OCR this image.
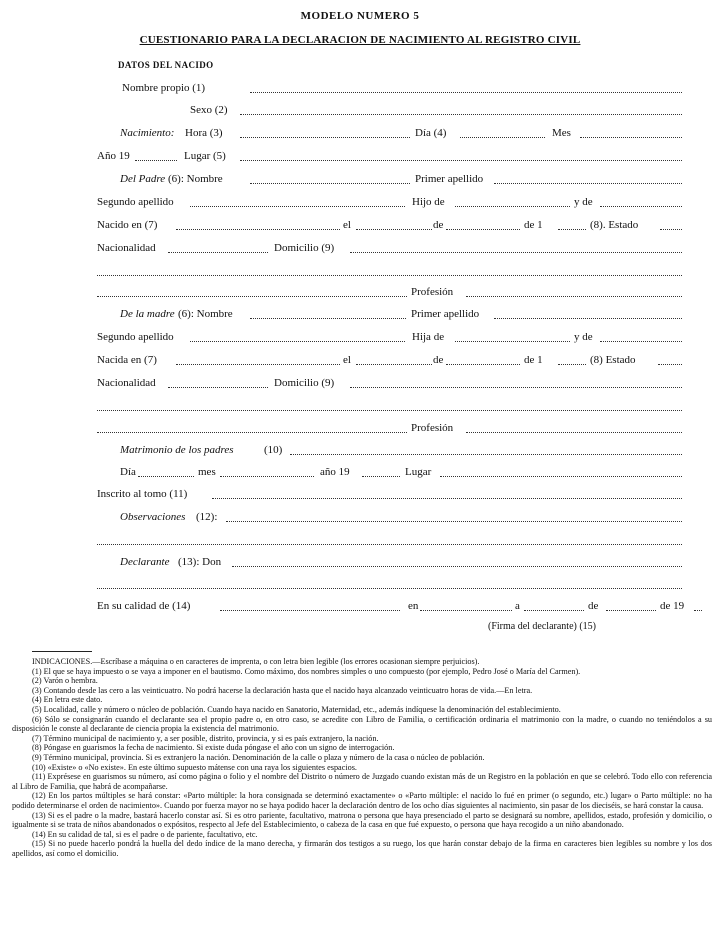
MODELO NUMERO 5
CUESTIONARIO PARA LA DECLARACION DE NACIMIENTO AL REGISTRO CIVIL
DATOS DEL NACIDO
Nombre propio (1)
Sexo (2)
Nacimiento: Hora (3)	Día (4)	Mes
Año 19	Lugar (5)
Del Padre (6): Nombre	Primer apellido
Segundo apellido	Hijo de	y de
Nacido en (7)	el	de	de 1	(8). Estado
Nacionalidad	Domicilio (9)
Profesión
De la madre (6): Nombre	Primer apellido
Segundo apellido	Hija de	y de
Nacida en (7)	el	de	de 1	(8) Estado
Nacionalidad	Domicilio (9)
Profesión
Matrimonio de los padres	(10)
Día	mes	año 19	Lugar
Inscrito al tomo (11)
Observaciones (12):
Declarante (13): Don
En su calidad de (14)	en	a	de	de 19
(Firma del declarante) (15)

INDICACIONES.—Escríbase a máquina o en caracteres de imprenta, o con letra bien legible (los errores ocasionan siempre perjuicios).

(1) El que se haya impuesto o se vaya a imponer en el bautismo. Como máximo, dos nombres simples o uno compuesto (por ejemplo, Pedro José o María del Carmen).

(2) Varón o hembra.

(3) Contando desde las cero a las veinticuatro. No podrá hacerse la declaración hasta que el nacido haya alcanzado veinticuatro horas de vida.—En letra.

(4) En letra este dato.

(5) Localidad, calle y número o núcleo de población. Cuando haya nacido en Sanatorio, Maternidad, etc., además indíquese la denominación del establecimiento.

(6) Sólo se consignarán cuando el declarante sea el propio padre o, en otro caso, se acredite con Libro de Familia, o certificación ordinaria el matrimonio con la madre, o cuando no teniéndolos a su disposición le conste al declarante de ciencia propia la existencia del matrimonio.

(7) Término municipal de nacimiento y, a ser posible, distrito, provincia, y si es país extranjero, la nación.

(8) Póngase en guarismos la fecha de nacimiento. Si existe duda póngase el año con un signo de interrogación.

(9) Término municipal, provincia. Si es extranjero la nación. Denominación de la calle o plaza y número de la casa o núcleo de población.

(10) «Existe» o «No existe». En este último supuesto mátense con una raya los siguientes espacios.

(11) Exprésese en guarismos su número, así como página o folio y el nombre del Distrito o número de Juzgado cuando existan más de un Registro en la población en que se celebró. Todo ello con referencia al Libro de Familia, que habrá de acompañarse.

(12) En los partos múltiples se hará constar: «Parto múltiple: la hora consignada se determinó exactamente» o «Parto múltiple: el nacido lo fué en primer (o segundo, etc.) lugar» o Parto múltiple: no ha podido determinarse el orden de nacimiento». Cuando por fuerza mayor no se haya podido hacer la declaración dentro de los ocho días siguientes al nacimiento, sin pasar de los dieciséis, se hará constar la causa.

(13) Si es el padre o la madre, bastará hacerlo constar así. Si es otro pariente, facultativo, matrona o persona que haya presenciado el parto se designará su nombre, apellidos, estado, profesión y domicilio, o igualmente si se trata de niños abandonados o expósitos, respecto al Jefe del Establecimiento, o cabeza de la casa en que fué expuesto, o persona que haya recogido a un niño abandonado.

(14) En su calidad de tal, si es el padre o de pariente, facultativo, etc.

(15) Si no puede hacerlo pondrá la huella del dedo índice de la mano derecha, y firmarán dos testigos a su ruego, los que harán constar debajo de la firma en caracteres bien legibles su nombre y los dos apellidos, así como el domicilio.
